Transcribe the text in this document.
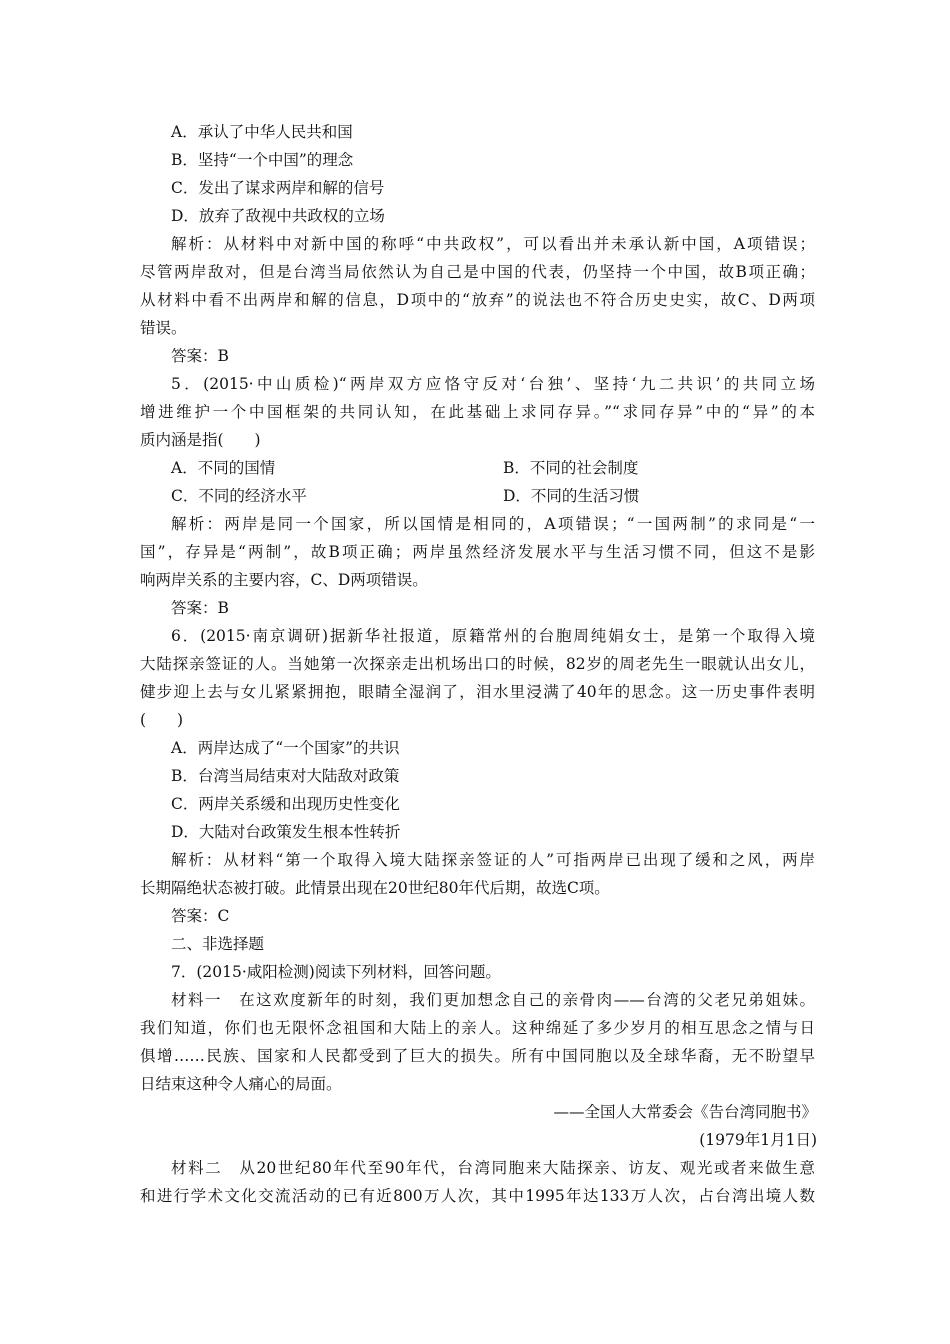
A．承认了中华人民共和国
B．坚持“一个中国”的理念
C．发出了谋求两岸和解的信号
D．放弃了敌视中共政权的立场
解析：从材料中对新中国的称呼“中共政权”，可以看出并未承认新中国，A项错误；
尽管两岸敌对，但是台湾当局依然认为自己是中国的代表，仍坚持一个中国，故B项正确；
从材料中看不出两岸和解的信息，D项中的“放弃”的说法也不符合历史史实，故C、D两项
错误。
答案：B
5．(2015·中山质检)“两岸双方应恪守反对‘台独’、坚持‘九二共识’的共同立场
增进维护一个中国框架的共同认知，在此基础上求同存异。”“求同存异”中的“异”的本
质内涵是指(　　)
A．不同的国情	B．不同的社会制度
C．不同的经济水平	D．不同的生活习惯
解析：两岸是同一个国家，所以国情是相同的，A项错误；“一国两制”的求同是“一
国”，存异是“两制”，故B项正确；两岸虽然经济发展水平与生活习惯不同，但这不是影
响两岸关系的主要内容，C、D两项错误。
答案：B
6．(2015·南京调研)据新华社报道，原籍常州的台胞周纯娟女士，是第一个取得入境
大陆探亲签证的人。当她第一次探亲走出机场出口的时候，82岁的周老先生一眼就认出女儿，
健步迎上去与女儿紧紧拥抱，眼睛全湿润了，泪水里浸满了40年的思念。这一历史事件表明
(　　)
A．两岸达成了“一个国家”的共识
B．台湾当局结束对大陆敌对政策
C．两岸关系缓和出现历史性变化
D．大陆对台政策发生根本性转折
解析：从材料“第一个取得入境大陆探亲签证的人”可指两岸已出现了缓和之风，两岸
长期隔绝状态被打破。此情景出现在20世纪80年代后期，故选C项。
答案：C
二、非选择题
7．(2015·咸阳检测)阅读下列材料，回答问题。
材料一　在这欢度新年的时刻，我们更加想念自己的亲骨肉——台湾的父老兄弟姐妹。
我们知道，你们也无限怀念祖国和大陆上的亲人。这种绵延了多少岁月的相互思念之情与日
俱增……民族、国家和人民都受到了巨大的损失。所有中国同胞以及全球华裔，无不盼望早
日结束这种令人痛心的局面。
——全国人大常委会《告台湾同胞书》
(1979年1月1日)
材料二　从20世纪80年代至90年代，台湾同胞来大陆探亲、访友、观光或者来做生意
和进行学术文化交流活动的已有近800万人次，其中1995年达133万人次，占台湾出境人数
